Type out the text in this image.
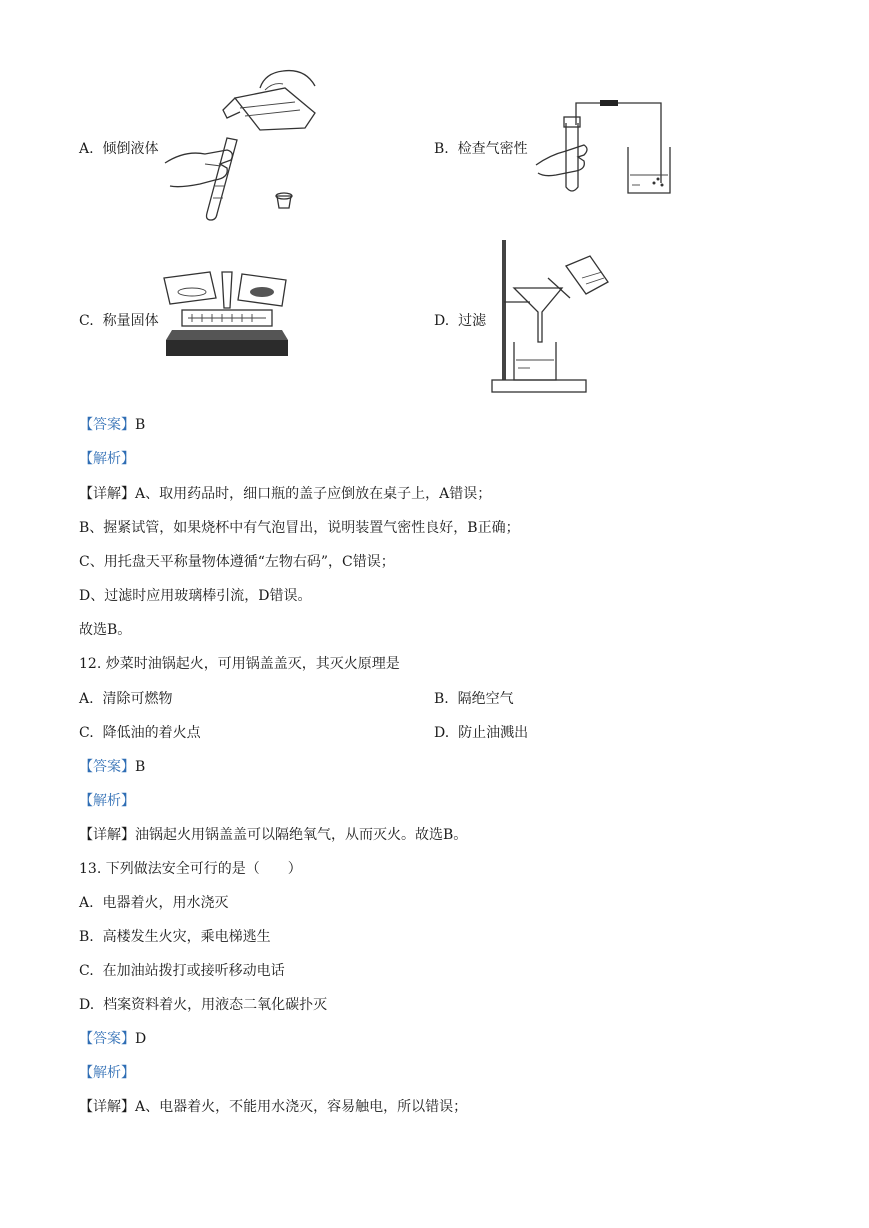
A. 倾倒液体	B. 检查气密性
C. 称量固体	D. 过滤
【答案】B
【解析】
【详解】A、取用药品时，细口瓶的盖子应倒放在桌子上，A错误；
B、握紧试管，如果烧杯中有气泡冒出，说明装置气密性良好，B正确；
C、用托盘天平称量物体遵循“左物右码”，C错误；
D、过滤时应用玻璃棒引流，D错误。
故选B。
12. 炒菜时油锅起火，可用锅盖盖灭，其灭火原理是
A. 清除可燃物	B. 隔绝空气
C. 降低油的着火点	D. 防止油溅出
【答案】B
【解析】
【详解】油锅起火用锅盖盖可以隔绝氧气，从而灭火。故选B。
13. 下列做法安全可行的是（　　）
A. 电器着火，用水浇灭
B. 高楼发生火灾，乘电梯逃生
C. 在加油站拨打或接听移动电话
D. 档案资料着火，用液态二氧化碳扑灭
【答案】D
【解析】
【详解】A、电器着火，不能用水浇灭，容易触电，所以错误；
